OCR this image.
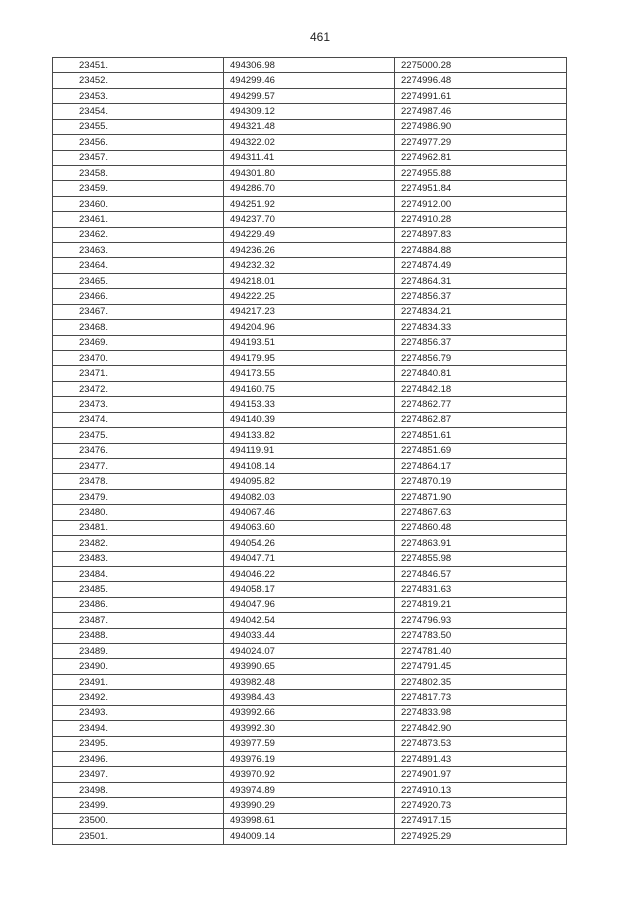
461
23451.	494306.98	2275000.28
23452.	494299.46	2274996.48
23453.	494299.57	2274991.61
23454.	494309.12	2274987.46
23455.	494321.48	2274986.90
23456.	494322.02	2274977.29
23457.	494311.41	2274962.81
23458.	494301.80	2274955.88
23459.	494286.70	2274951.84
23460.	494251.92	2274912.00
23461.	494237.70	2274910.28
23462.	494229.49	2274897.83
23463.	494236.26	2274884.88
23464.	494232.32	2274874.49
23465.	494218.01	2274864.31
23466.	494222.25	2274856.37
23467.	494217.23	2274834.21
23468.	494204.96	2274834.33
23469.	494193.51	2274856.37
23470.	494179.95	2274856.79
23471.	494173.55	2274840.81
23472.	494160.75	2274842.18
23473.	494153.33	2274862.77
23474.	494140.39	2274862.87
23475.	494133.82	2274851.61
23476.	494119.91	2274851.69
23477.	494108.14	2274864.17
23478.	494095.82	2274870.19
23479.	494082.03	2274871.90
23480.	494067.46	2274867.63
23481.	494063.60	2274860.48
23482.	494054.26	2274863.91
23483.	494047.71	2274855.98
23484.	494046.22	2274846.57
23485.	494058.17	2274831.63
23486.	494047.96	2274819.21
23487.	494042.54	2274796.93
23488.	494033.44	2274783.50
23489.	494024.07	2274781.40
23490.	493990.65	2274791.45
23491.	493982.48	2274802.35
23492.	493984.43	2274817.73
23493.	493992.66	2274833.98
23494.	493992.30	2274842.90
23495.	493977.59	2274873.53
23496.	493976.19	2274891.43
23497.	493970.92	2274901.97
23498.	493974.89	2274910.13
23499.	493990.29	2274920.73
23500.	493998.61	2274917.15
23501.	494009.14	2274925.29
